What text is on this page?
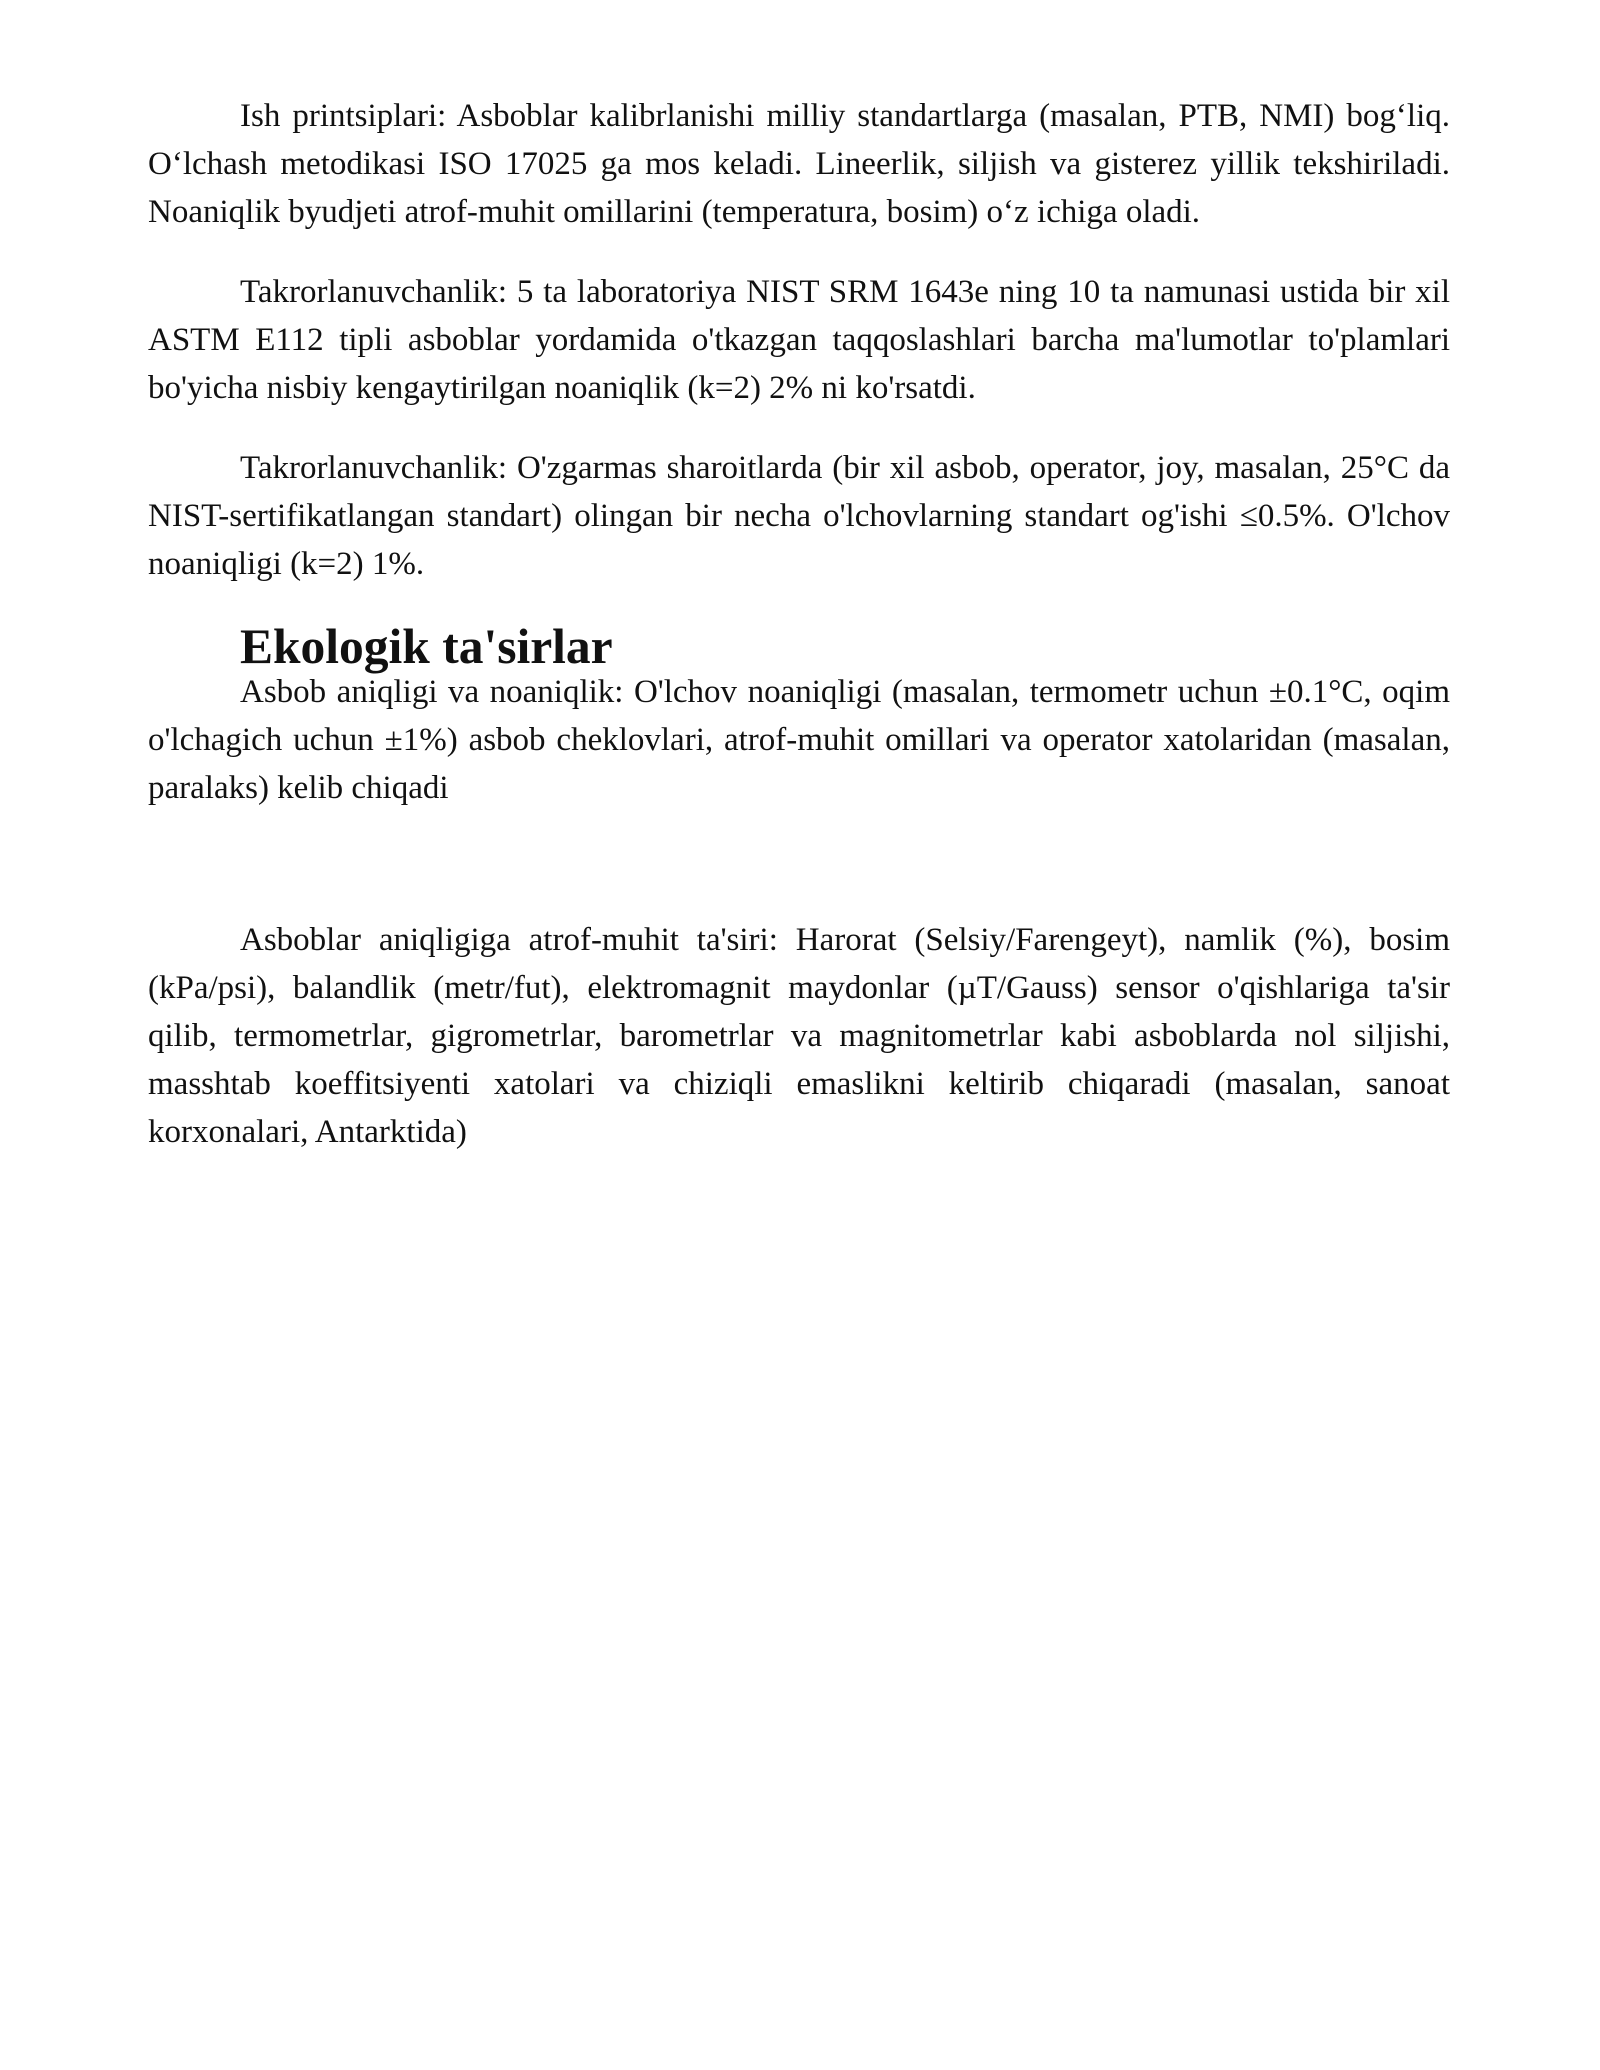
Ish printsiplari: Asboblar kalibrlanishi milliy standartlarga (masalan, PTB, NMI) bog‘liq. O‘lchash metodikasi ISO 17025 ga mos keladi. Lineerlik, siljish va gisterez yillik tekshiriladi. Noaniqlik byudjeti atrof-muhit omillarini (temperatura, bosim) o‘z ichiga oladi.

Takrorlanuvchanlik: 5 ta laboratoriya NIST SRM 1643e ning 10 ta namunasi ustida bir xil ASTM E112 tipli asboblar yordamida o'tkazgan taqqoslashlari barcha ma'lumotlar to'plamlari bo'yicha nisbiy kengaytirilgan noaniqlik (k=2) 2% ni ko'rsatdi.

Takrorlanuvchanlik: O'zgarmas sharoitlarda (bir xil asbob, operator, joy, masalan, 25°C da NIST-sertifikatlangan standart) olingan bir necha o'lchovlarning standart og'ishi ≤0.5%. O'lchov noaniqligi (k=2) 1%.

Ekologik ta'sirlar

Asbob aniqligi va noaniqlik: O'lchov noaniqligi (masalan, termometr uchun ±0.1°C, oqim o'lchagich uchun ±1%) asbob cheklovlari, atrof-muhit omillari va operator xatolaridan (masalan, paralaks) kelib chiqadi

Asboblar aniqligiga atrof-muhit ta'siri: Harorat (Selsiy/Farengeyt), namlik (%), bosim (kPa/psi), balandlik (metr/fut), elektromagnit maydonlar (µT/Gauss) sensor o'qishlariga ta'sir qilib, termometrlar, gigrometrlar, barometrlar va magnitometrlar kabi asboblarda nol siljishi, masshtab koeffitsiyenti xatolari va chiziqli emaslikni keltirib chiqaradi (masalan, sanoat korxonalari, Antarktida)
